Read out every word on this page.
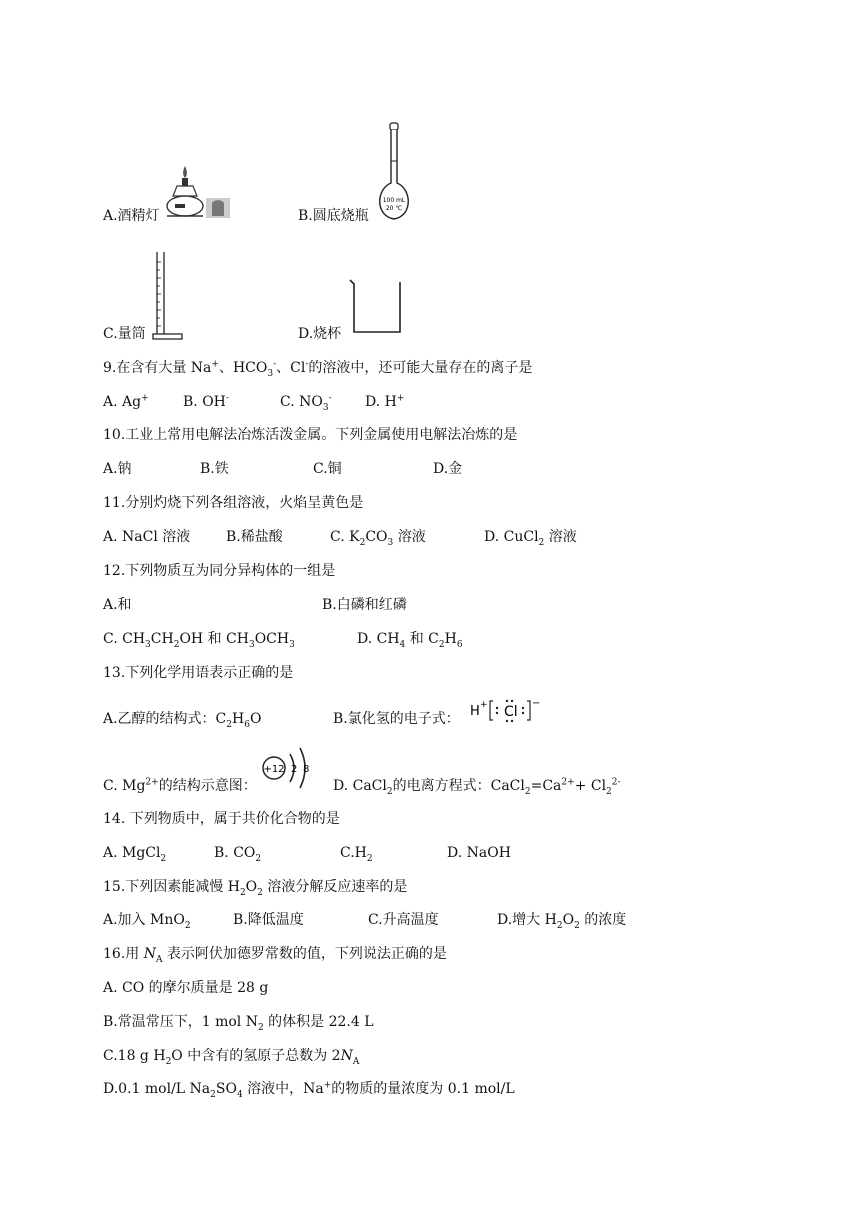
A.酒精灯	B.圆底烧瓶
100 mL
20 ℃
C.量筒	D.烧杯
9.在含有大量 Na+、$HCO_3^-$、Cl-的溶液中，还可能大量存在的离子是
A. Ag+ B. OH-	C. $NO_3^-$ D. H+
10.工业上常用电解法冶炼活泼金属。下列金属使用电解法冶炼的是
A.钠	B.铁	C.铜	D.金
11.分别灼烧下列各组溶液，火焰呈黄色是
A. NaCl 溶液	B.稀盐酸	C. $K_2CO_3$ 溶液	D. CuCl$_2$ 溶液
12.下列物质互为同分异构体的一组是
A.和	B.白磷和红磷
C. $CH_3CH_2OH$ 和 $CH_3OCH_3$	D. $CH_4$ 和 $C_2H_6$
13.下列化学用语表示正确的是
A.乙醇的结构式：$C_2H_6O$	B.氯化氢的电子式： H + Cl
−
C. $Mg^{2+}$的结构示意图：
+12 2 8
D. CaCl$_2$的电离方程式：$CaCl_2=Ca^{2+}+ Cl_2^{2-}$
14. 下列物质中，属于共价化合物的是
A. MgCl$_2$	B. $CO_2$	$C.H_2$	D. NaOH
15.下列因素能减慢 $H_2O_2$ 溶液分解反应速率的是
A.加入 MnO$_2$	B.降低温度	C.升高温度	D.增大 $H_2O_2$ 的浓度
16.用 $N_A$ 表示阿伏加德罗常数的值，下列说法正确的是
A. CO 的摩尔质量是 28 g
B.常温常压下，1 mol $N_2$ 的体积是 22.4 L
C.18 g $H_2O$ 中含有的氢原子总数为 $2N_A$
D.0.1 mol/L $Na_2SO_4$ 溶液中，Na+的物质的量浓度为 0.1 mol/L
